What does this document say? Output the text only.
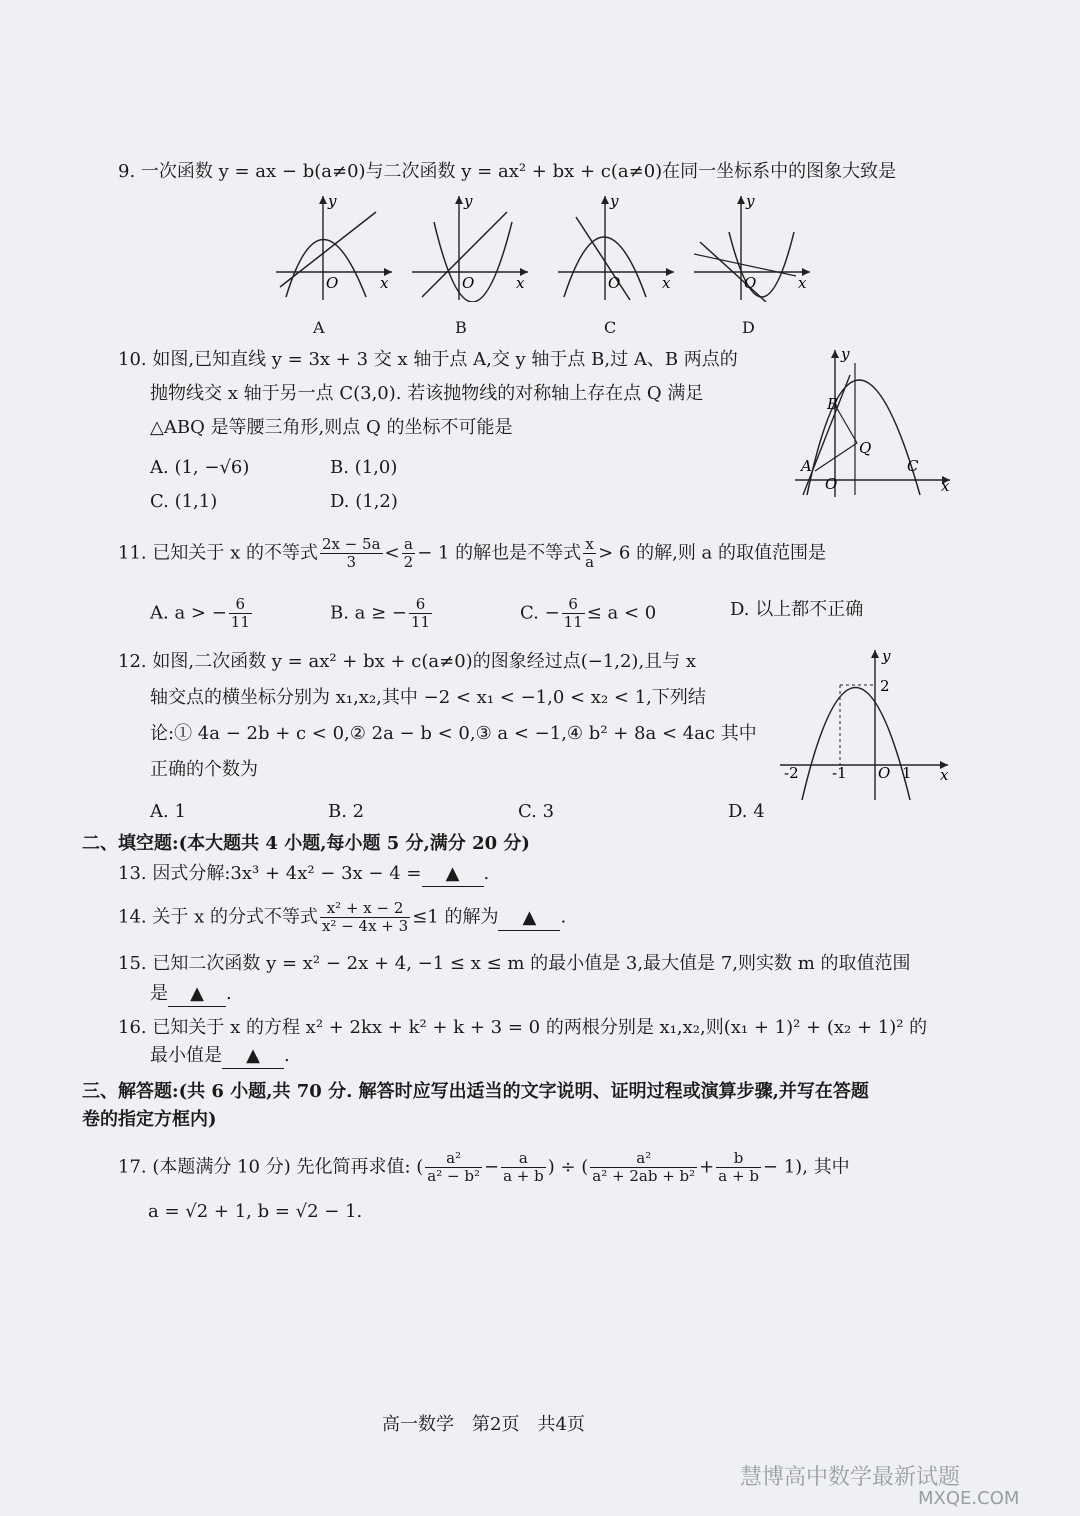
9. 一次函数 y = ax − b(a≠0)与二次函数 y = ax² + bx + c(a≠0)在同一坐标系中的图象大致是
y
x
O
y
x
O
y
x
O
y
x
O
A	B	C	D
10. 如图,已知直线 y = 3x + 3 交 x 轴于点 A,交 y 轴于点 B,过 A、B 两点的
抛物线交 x 轴于另一点 C(3,0). 若该抛物线的对称轴上存在点 Q 满足
△ABQ 是等腰三角形,则点 Q 的坐标不可能是
A. (1, −√6)	B. (1,0)
C. (1,1)	D. (1,2)
y
x
B
Q
A
O
C
11. 已知关于 x 的不等式 $\frac{2x - 5a}{3} < \frac{a}{2} - 1$ 的解也是不等式 $\frac{x}{a} > 6$ 的解,则 a 的取值范围是
A. a > − $\frac{6}{11}$	B. a ≥ − $\frac{6}{11}$	C. − $\frac{6}{11} \le a < 0$	D. 以上都不正确
12. 如图,二次函数 y = ax² + bx + c(a≠0)的图象经过点(−1,2),且与 x
轴交点的横坐标分别为 x₁,x₂,其中 −2 < x₁ < −1,0 < x₂ < 1,下列结
论:① 4a − 2b + c < 0,② 2a − b < 0,③ a < −1,④ b² + 8a < 4ac 其中
正确的个数为
A. 1	B. 2	C. 3	D. 4
y
x
2
-2 -1 O 1
二、填空题:(本大题共 4 小题,每小题 5 分,满分 20 分)
13. 因式分解:3x³ + 4x² − 3x − 4 = ▲ .
14. 关于 x 的分式不等式 $\frac{\text{x² + x − 2}}{\text{x² − 4x + 3}} \le 1$ 的解为 ▲ .
15. 已知二次函数 y = x² − 2x + 4, −1 ≤ x ≤ m 的最小值是 3,最大值是 7,则实数 m 的取值范围
是 ▲ .
16. 已知关于 x 的方程 x² + 2kx + k² + k + 3 = 0 的两根分别是 x₁,x₂,则(x₁ + 1)² + (x₂ + 1)² 的
最小值是 ▲ .
三、解答题:(共 6 小题,共 70 分. 解答时应写出适当的文字说明、证明过程或演算步骤,并写在答题
卷的指定方框内)
17. (本题满分 10 分) 先化简再求值: ( $\frac{\text{a²}}{\text{a² − b²}} - \frac{a}{a + b}$ ) ÷ ( $\frac{\text{a²}}{\text{a² + 2ab + b²}} + \frac{b}{a + b} - 1$), 其中
a = √2 + 1, b = √2 − 1.
高一数学　第2页　共4页
慧博高中数学最新试题
MXQE.COM
